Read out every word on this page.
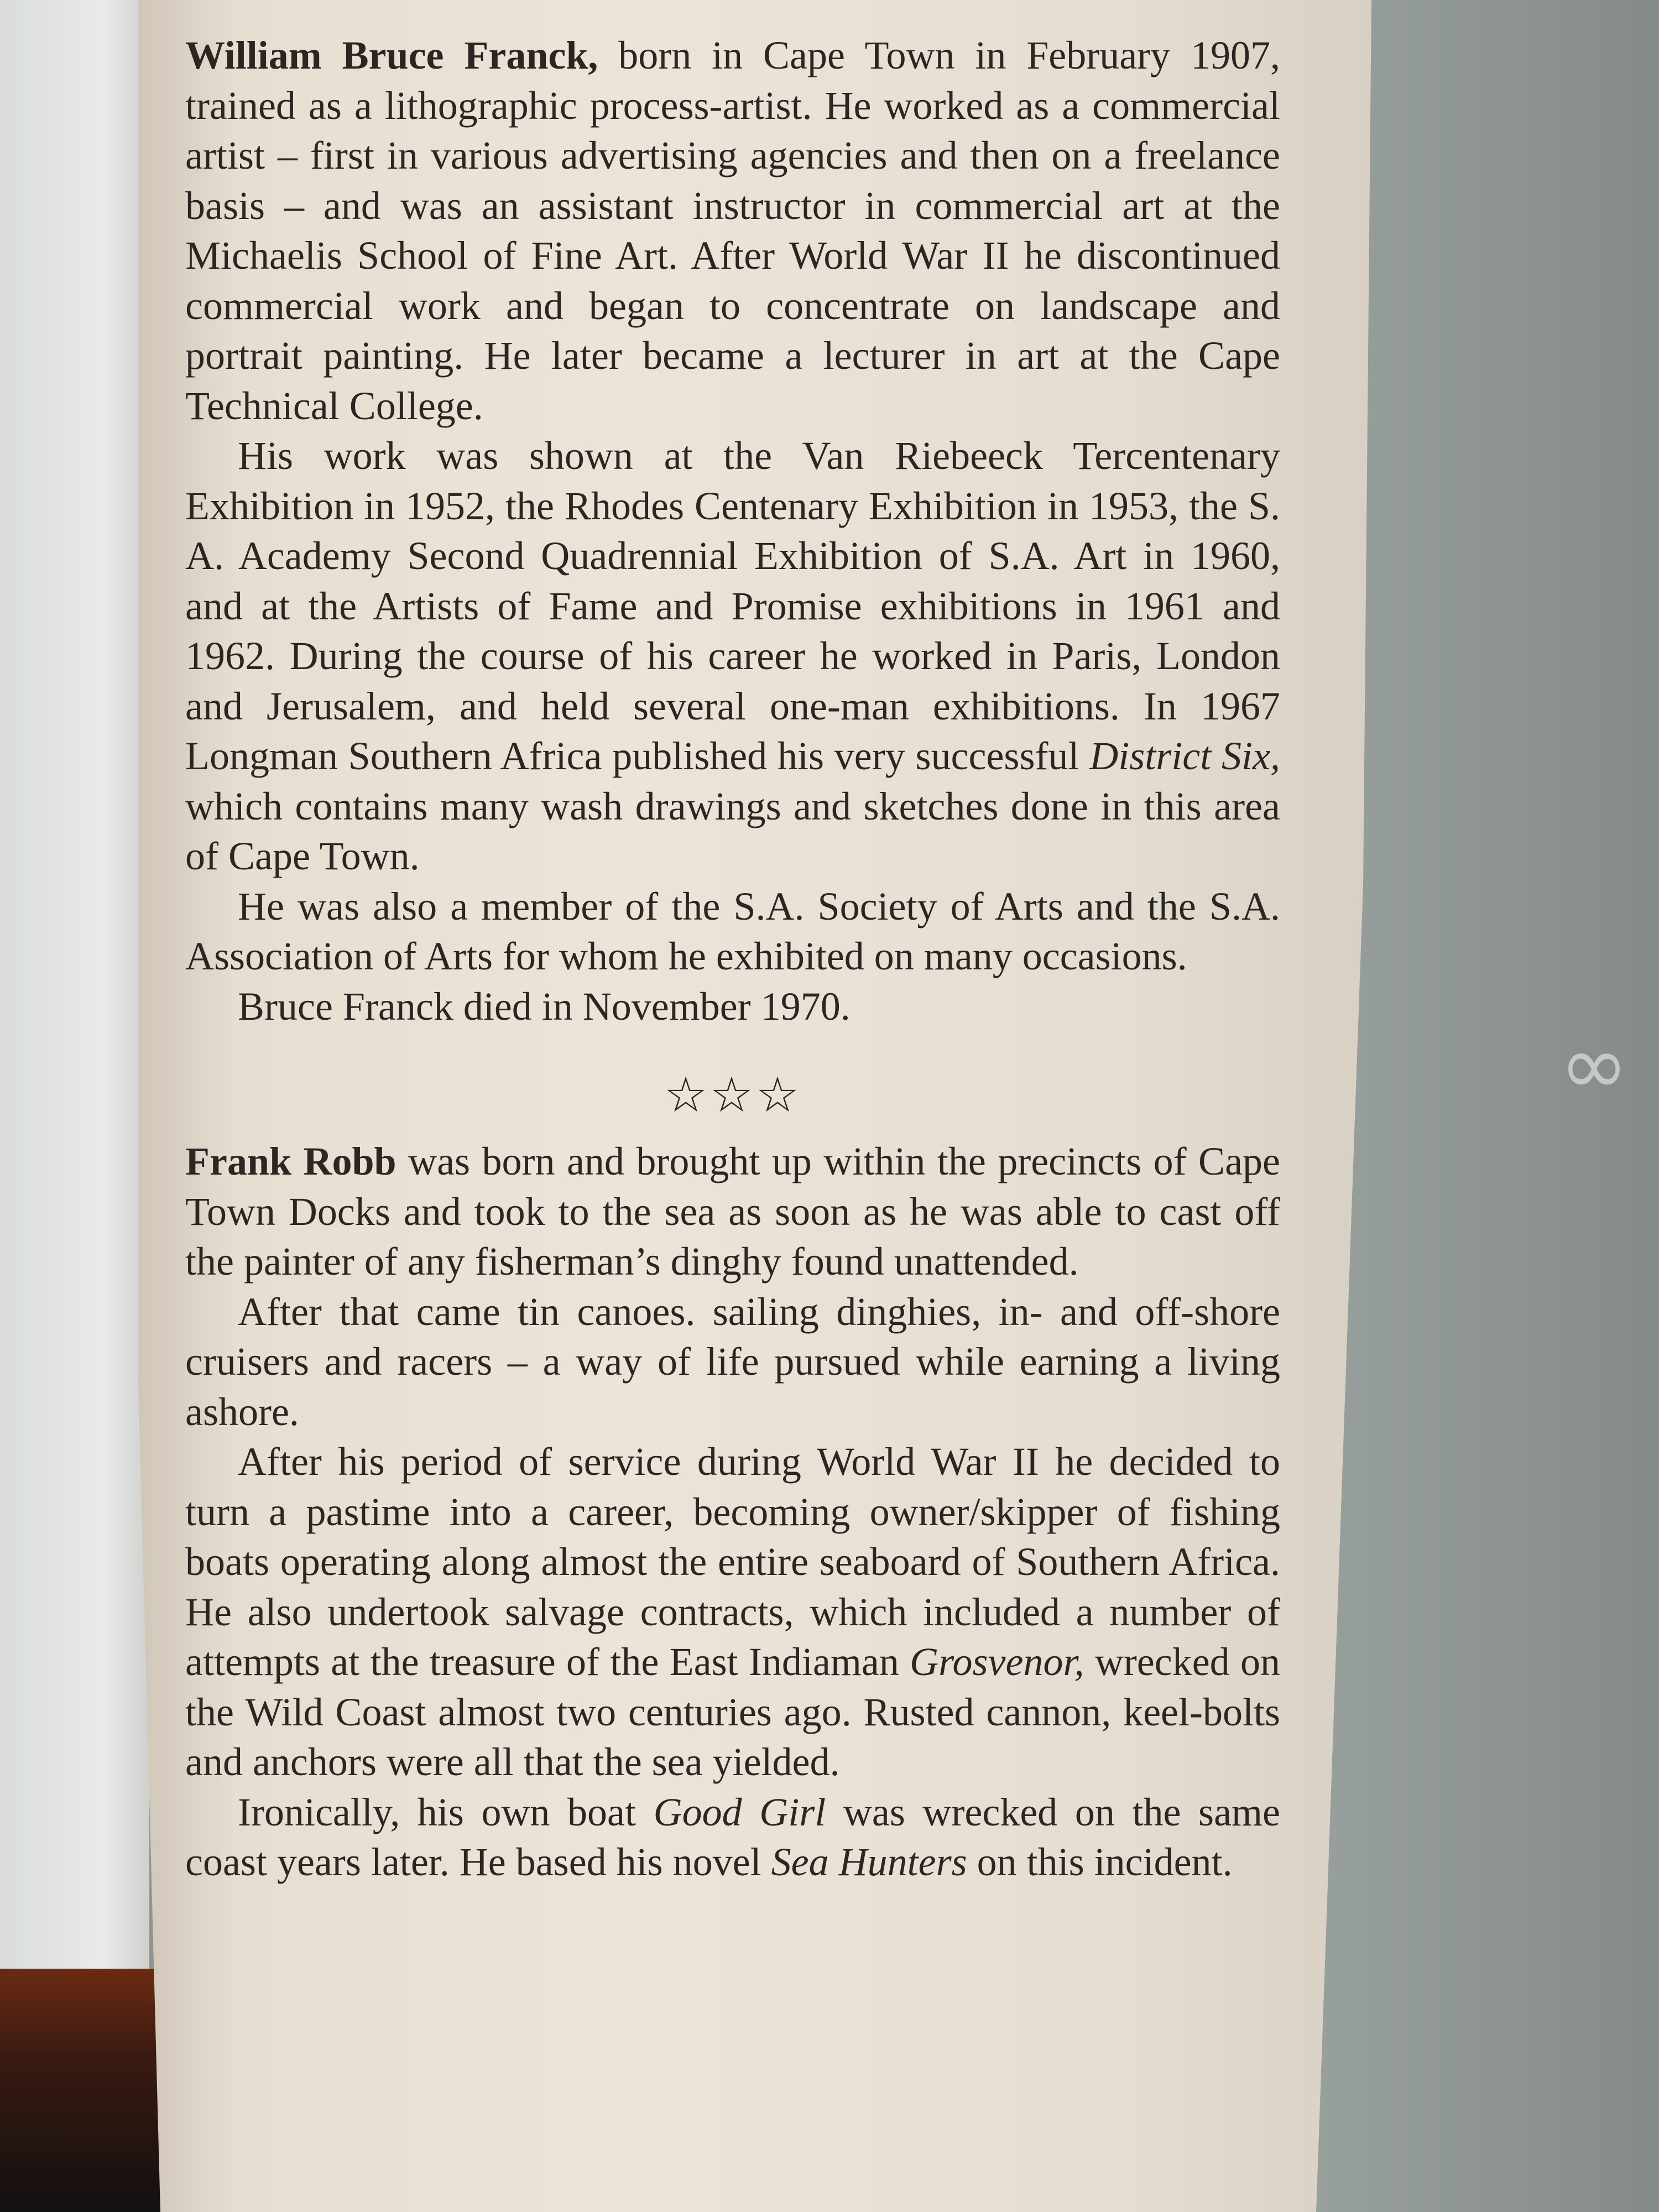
∞

William Bruce Franck, born in Cape Town in February 1907, trained as a lithographic process-artist. He worked as a commercial artist – first in various advertising agencies and then on a freelance basis – and was an assistant instructor in commercial art at the Michaelis School of Fine Art. After World War II he discontinued commercial work and began to concentrate on landscape and portrait painting. He later became a lecturer in art at the Cape Technical College.

His work was shown at the Van Riebeeck Tercentenary Exhibition in 1952, the Rhodes Centenary Exhibition in 1953, the S. A. Academy Second Quadrennial Exhibition of S.A. Art in 1960, and at the Artists of Fame and Promise exhibitions in 1961 and 1962. During the course of his career he worked in Paris, London and Jerusalem, and held several one-man exhibitions. In 1967 Longman Southern Africa published his very successful District Six, which contains many wash drawings and sketches done in this area of Cape Town.

He was also a member of the S.A. Society of Arts and the S.A. Association of Arts for whom he exhibited on many occasions.

Bruce Franck died in November 1970.

☆☆☆

Frank Robb was born and brought up within the precincts of Cape Town Docks and took to the sea as soon as he was able to cast off the painter of any fisherman’s dinghy found unattended.

After that came tin canoes. sailing dinghies, in- and off-shore cruisers and racers – a way of life pursued while earning a living ashore.

After his period of service during World War II he decided to turn a pastime into a career, becoming owner/skipper of fishing boats operating along almost the entire seaboard of Southern Africa. He also undertook salvage contracts, which included a number of attempts at the treasure of the East Indiaman Grosvenor, wrecked on the Wild Coast almost two centuries ago. Rusted cannon, keel-bolts and anchors were all that the sea yielded.

Ironically, his own boat Good Girl was wrecked on the same coast years later. He based his novel Sea Hunters on this incident.
